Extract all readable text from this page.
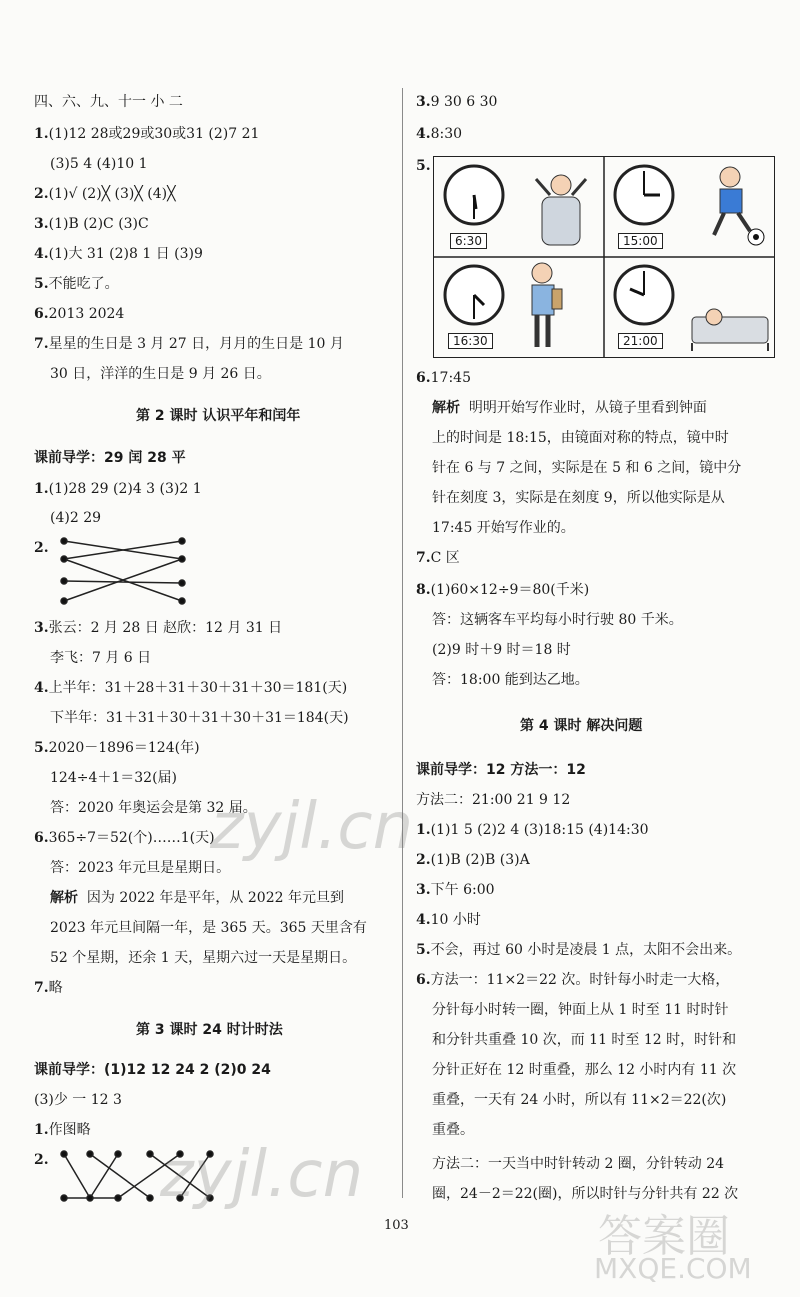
四、六、九、十一 小 二
1.(1)12 28或29或30或31 (2)7 21
(3)5 4 (4)10 1
2.(1)√ (2)╳ (3)╳ (4)╳
3.(1)B (2)C (3)C
4.(1)大 31 (2)8 1 日 (3)9
5.不能吃了。
6.2013 2024
7.星星的生日是 3 月 27 日，月月的生日是 10 月
30 日，洋洋的生日是 9 月 26 日。
第 2 课时 认识平年和闰年
课前导学：29 闰 28 平
1.(1)28 29 (2)4 3 (3)2 1
(4)2 29
2.
3.张云：2 月 28 日 赵欣：12 月 31 日
李飞：7 月 6 日
4.上半年：31＋28＋31＋30＋31＋30＝181(天)
下半年：31＋31＋30＋31＋30＋31＝184(天)
5.2020－1896＝124(年)
124÷4＋1＝32(届)
答：2020 年奥运会是第 32 届。
6.365÷7＝52(个)……1(天)
答：2023 年元旦是星期日。
解析 因为 2022 年是平年，从 2022 年元旦到
2023 年元旦间隔一年，是 365 天。365 天里含有
52 个星期，还余 1 天，星期六过一天是星期日。
7.略
第 3 课时 24 时计时法
课前导学：(1)12 12 24 2 (2)0 24
(3)少 一 12 3
1.作图略
2.
3.9 30 6 30
4.8:30
5.
6:30	15:00
16:30	21:00
6.17:45
解析 明明开始写作业时，从镜子里看到钟面
上的时间是 18:15，由镜面对称的特点，镜中时
针在 6 与 7 之间，实际是在 5 和 6 之间，镜中分
针在刻度 3，实际是在刻度 9，所以他实际是从
17:45 开始写作业的。
7.C 区
8.(1)60×12÷9＝80(千米)
答：这辆客车平均每小时行驶 80 千米。
(2)9 时＋9 时＝18 时
答：18:00 能到达乙地。
第 4 课时 解决问题
课前导学：12 方法一：12
方法二：21:00 21 9 12
1.(1)1 5 (2)2 4 (3)18:15 (4)14:30
2.(1)B (2)B (3)A
3.下午 6:00
4.10 小时
5.不会，再过 60 小时是凌晨 1 点，太阳不会出来。
6.方法一：11×2＝22 次。时针每小时走一大格，
分针每小时转一圈，钟面上从 1 时至 11 时时针
和分针共重叠 10 次，而 11 时至 12 时，时针和
分针正好在 12 时重叠，那么 12 小时内有 11 次
重叠，一天有 24 小时，所以有 11×2＝22(次)
重叠。
方法二：一天当中时针转动 2 圈，分针转动 24
圈，24－2＝22(圈)，所以时针与分针共有 22 次
103
zyjl.cn
zyjl.cn
答案圈
MXQE.COM
